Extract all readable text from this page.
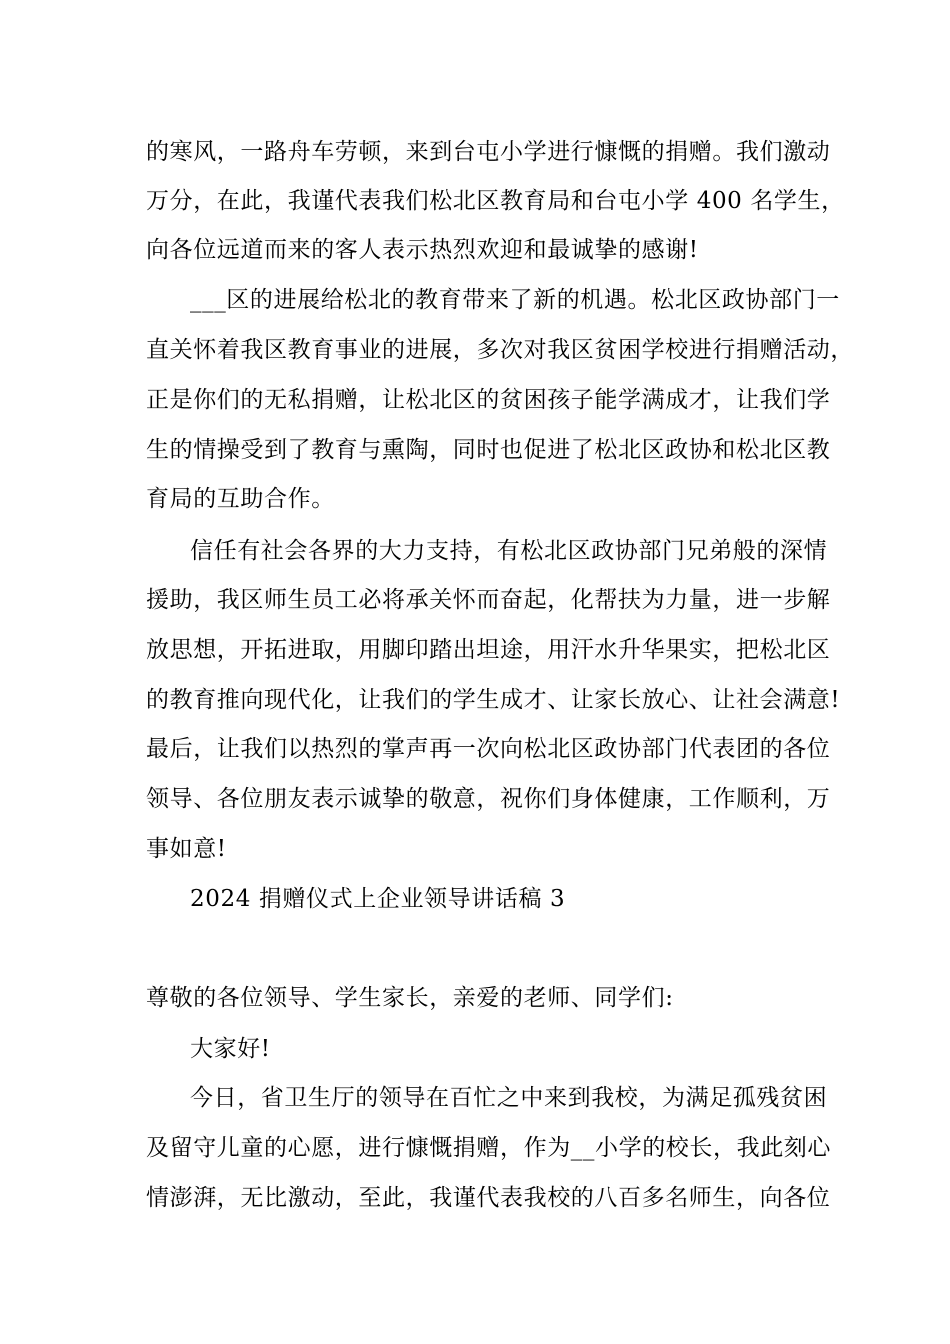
的寒风，一路舟车劳顿，来到台屯小学进行慷慨的捐赠。我们激动
万分，在此，我谨代表我们松北区教育局和台屯小学 400 名学生，
向各位远道而来的客人表示热烈欢迎和最诚挚的感谢!
___区的进展给松北的教育带来了新的机遇。松北区政协部门一
直关怀着我区教育事业的进展，多次对我区贫困学校进行捐赠活动，
正是你们的无私捐赠，让松北区的贫困孩子能学满成才，让我们学
生的情操受到了教育与熏陶，同时也促进了松北区政协和松北区教
育局的互助合作。
信任有社会各界的大力支持，有松北区政协部门兄弟般的深情
援助，我区师生员工必将承关怀而奋起，化帮扶为力量，进一步解
放思想，开拓进取，用脚印踏出坦途，用汗水升华果实，把松北区
的教育推向现代化，让我们的学生成才、让家长放心、让社会满意!
最后，让我们以热烈的掌声再一次向松北区政协部门代表团的各位
领导、各位朋友表示诚挚的敬意，祝你们身体健康，工作顺利，万
事如意!
2024 捐赠仪式上企业领导讲话稿 3
尊敬的各位领导、学生家长，亲爱的老师、同学们:
大家好!
今日，省卫生厅的领导在百忙之中来到我校，为满足孤残贫困
及留守儿童的心愿，进行慷慨捐赠，作为__小学的校长，我此刻心
情澎湃，无比激动，至此，我谨代表我校的八百多名师生，向各位
